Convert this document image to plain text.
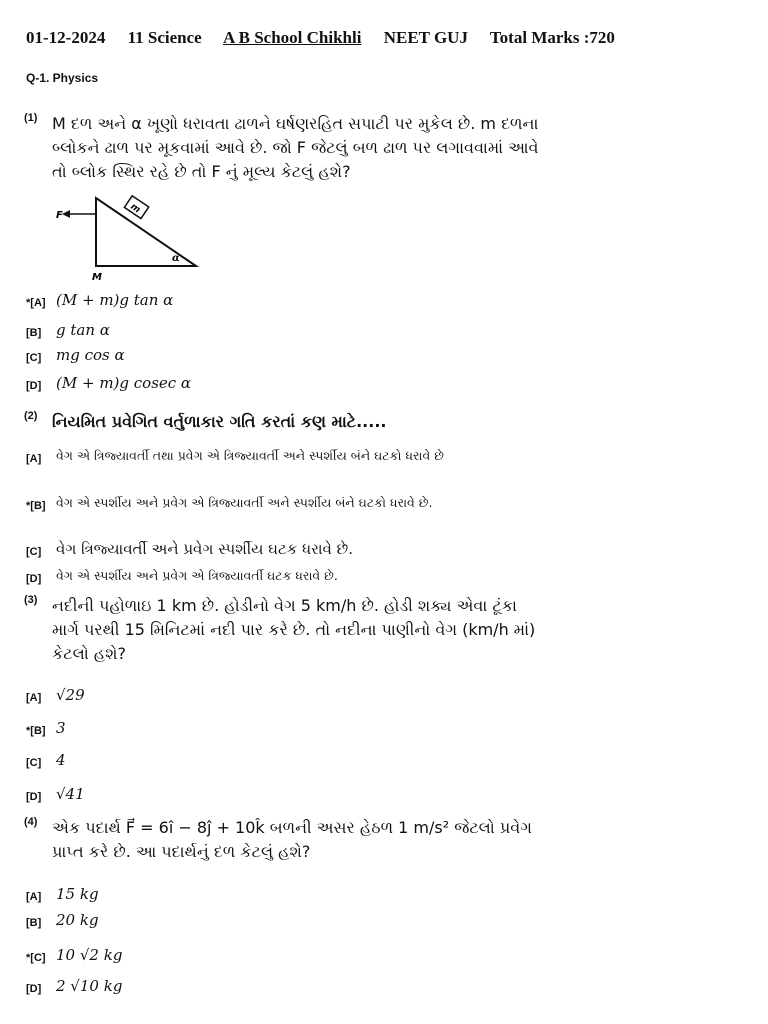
01-12-2024 11 Science A B School Chikhli NEET GUJ Total Marks :720
Q-1. Physics
(1) M દળ અને α ખૂણો ધરાવતા ઢાળને ઘર્ષણરહિત સપાટી પર મુકેલ છે. m દળના બ્લોકને ઢાળ પર મૂકવામાં આવે છે. જો F જેટલું બળ ઢાળ પર લગાવવામાં આવે તો બ્લોક સ્થિર રહે છે તો F નું મૂલ્ય કેટલું હશે?
F
m
α
M
*[A] (M + m)g tan α
[B] g tan α
[C] mg cos α
[D] (M + m)g cosec α
(2) નિયમિત પ્રવેગિત વર્તુળાકાર ગતિ કરતાં કણ માટે.....
[A] વેગ એ ત્રિજ્યાવર્તી તથા પ્રવેગ એ ત્રિજ્યાવર્તી અને સ્પર્શીય બંને ઘટકો ધરાવે છે
*[B] વેગ એ સ્પર્શીય અને પ્રવેગ એ ત્રિજ્યાવર્તી અને સ્પર્શીય બંને ઘટકો ધરાવે છે.
[C] વેગ ત્રિજ્યાવર્તી અને પ્રવેગ સ્પર્શીય ઘટક ધરાવે છે.
[D] વેગ એ સ્પર્શીય અને પ્રવેગ એ ત્રિજ્યાવર્તી ઘટક ધરાવે છે.
(3) નદીની પહોળાઇ 1 km છે. હોડીનો વેગ 5 km/h છે. હોડી શક્ય એવા ટૂંકા માર્ગ પરથી 15 મિનિટમાં નદી પાર કરે છે. તો નદીના પાણીનો વેગ (km/h માં) કેટલો હશે?
[A] √29
*[B] 3
[C] 4
[D] √41
(4) એક પદાર્થ F⃗ = 6î − 8ĵ + 10k̂ બળની અસર હેઠળ 1 m/s² જેટલો પ્રવેગ પ્રાપ્ત કરે છે. આ પદાર્થનું દળ કેટલું હશે?
[A] 15 kg
[B] 20 kg
*[C] 10 √2 kg
[D] 2 √10 kg
